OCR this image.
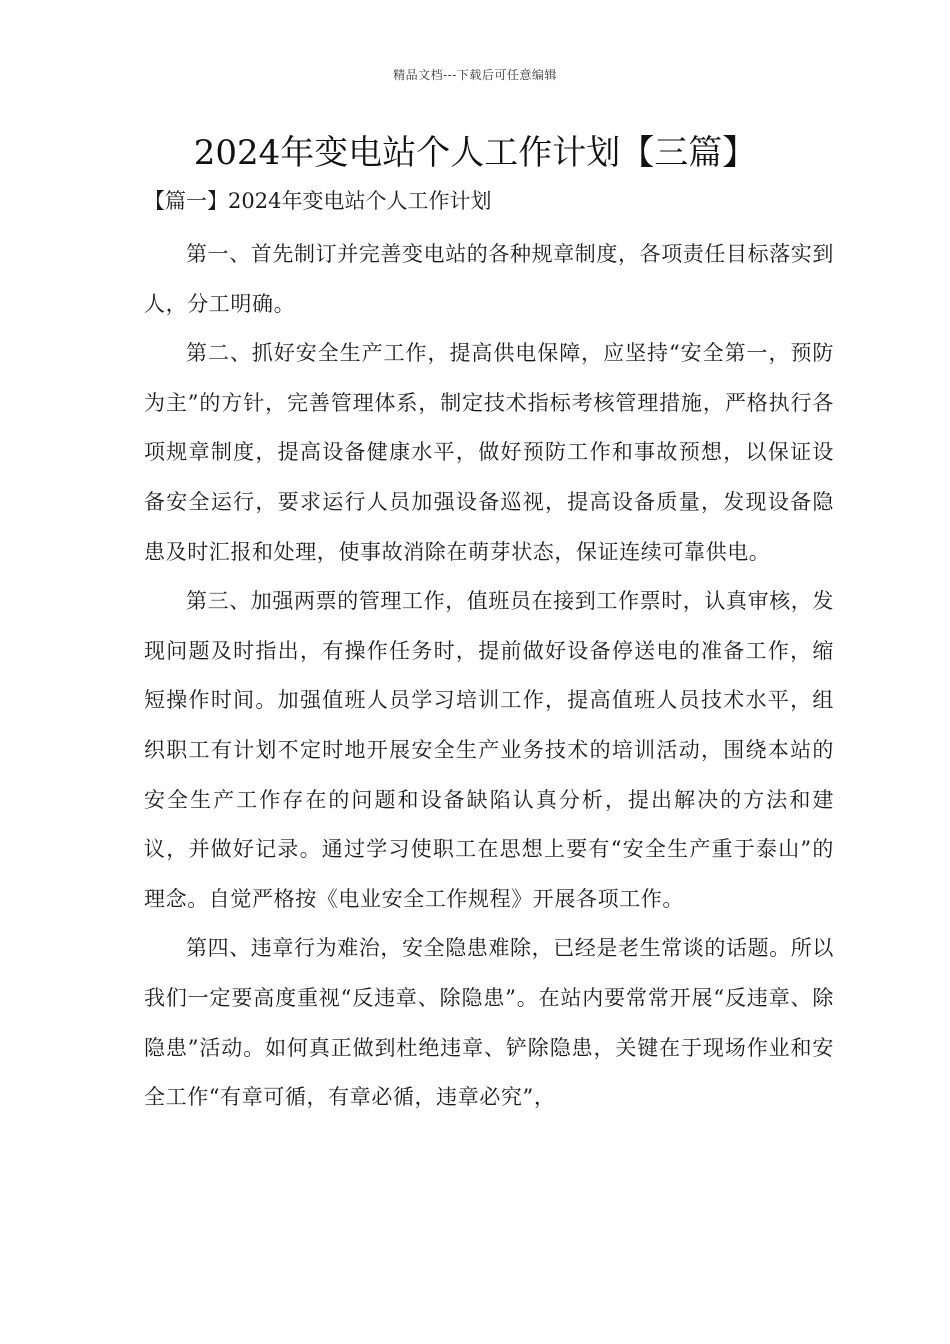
精品文档---下载后可任意编辑
2024年变电站个人工作计划【三篇】
【篇一】2024年变电站个人工作计划

第一、首先制订并完善变电站的各种规章制度，各项责任目标落实到人，分工明确。

第二、抓好安全生产工作，提高供电保障，应坚持“安全第一，预防为主”的方针，完善管理体系，制定技术指标考核管理措施，严格执行各项规章制度，提高设备健康水平，做好预防工作和事故预想，以保证设备安全运行，要求运行人员加强设备巡视，提高设备质量，发现设备隐患及时汇报和处理，使事故消除在萌芽状态，保证连续可靠供电。

第三、加强两票的管理工作，值班员在接到工作票时，认真审核，发现问题及时指出，有操作任务时，提前做好设备停送电的准备工作，缩短操作时间。加强值班人员学习培训工作，提高值班人员技术水平，组织职工有计划不定时地开展安全生产业务技术的培训活动，围绕本站的安全生产工作存在的问题和设备缺陷认真分析，提出解决的方法和建议，并做好记录。通过学习使职工在思想上要有“安全生产重于泰山”的理念。自觉严格按《电业安全工作规程》开展各项工作。

第四、违章行为难治，安全隐患难除，已经是老生常谈的话题。所以我们一定要高度重视“反违章、除隐患”。在站内要常常开展“反违章、除隐患”活动。如何真正做到杜绝违章、铲除隐患，关键在于现场作业和安全工作“有章可循，有章必循，违章必究”，
